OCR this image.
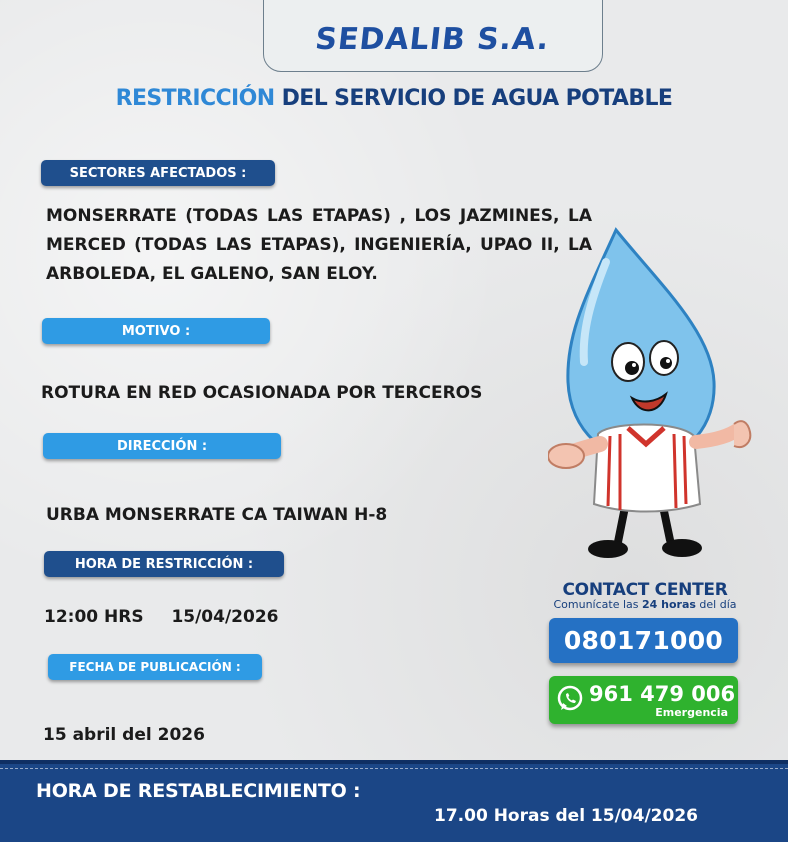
SEDALIB S.A.
RESTRICCIÓN DEL SERVICIO DE AGUA POTABLE
SECTORES AFECTADOS :
MONSERRATE (TODAS LAS ETAPAS) , LOS JAZMINES, LA MERCED (TODAS LAS ETAPAS), INGENIERÍA, UPAO II, LA ARBOLEDA, EL GALENO, SAN ELOY.
MOTIVO :
ROTURA EN RED OCASIONADA POR TERCEROS
DIRECCIÓN :
URBA MONSERRATE CA TAIWAN H-8
HORA DE RESTRICCIÓN :
12:00 HRS 15/04/2026
FECHA DE PUBLICACIÓN :
15 abril del 2026
CONTACT CENTER
Comunícate las 24 horas del día
080171000
961 479 006
Emergencia
HORA DE RESTABLECIMIENTO :
17.00 Horas del 15/04/2026
